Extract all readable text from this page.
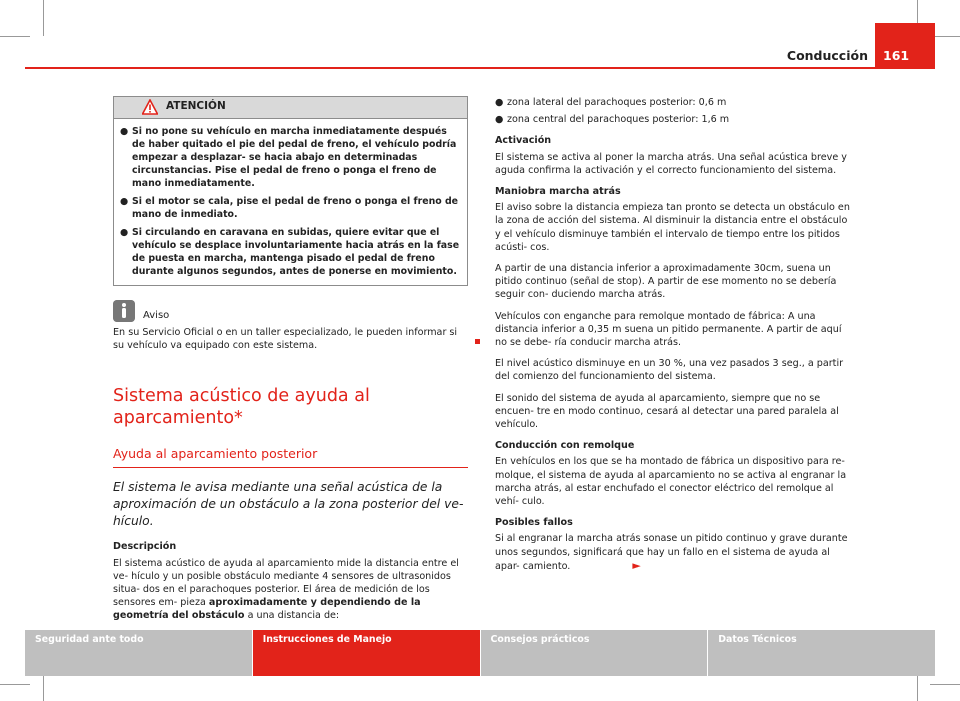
Conducción	161
ATENCIÓN
● Si no pone su vehículo en marcha inmediatamente después de haber quitado el pie del pedal de freno, el vehículo podría empezar a desplazar- se hacia abajo en determinadas circunstancias. Pise el pedal de freno o ponga el freno de mano inmediatamente.
● Si el motor se cala, pise el pedal de freno o ponga el freno de mano de inmediato.
● Si circulando en caravana en subidas, quiere evitar que el vehículo se desplace involuntariamente hacia atrás en la fase de puesta en marcha, mantenga pisado el pedal de freno durante algunos segundos, antes de ponerse en movimiento.
Aviso

En su Servicio Oficial o en un taller especializado, le pueden informar si su vehículo va equipado con este sistema.

Sistema acústico de ayuda al aparcamiento*
Ayuda al aparcamiento posterior
El sistema le avisa mediante una señal acústica de la aproximación de un obstáculo a la zona posterior del ve- hículo.
Descripción

El sistema acústico de ayuda al aparcamiento mide la distancia entre el ve- hículo y un posible obstáculo mediante 4 sensores de ultrasonidos situa- dos en el parachoques posterior. El área de medición de los sensores em- pieza aproximadamente y dependiendo de la geometría del obstáculo a una distancia de:

● zona lateral del parachoques posterior: 0,6 m
● zona central del parachoques posterior: 1,6 m
Activación

El sistema se activa al poner la marcha atrás. Una señal acústica breve y aguda confirma la activación y el correcto funcionamiento del sistema.

Maniobra marcha atrás

El aviso sobre la distancia empieza tan pronto se detecta un obstáculo en la zona de acción del sistema. Al disminuir la distancia entre el obstáculo y el vehículo disminuye también el intervalo de tiempo entre los pitidos acústi- cos.

A partir de una distancia inferior a aproximadamente 30cm, suena un pitido continuo (señal de stop). A partir de ese momento no se debería seguir con- duciendo marcha atrás.

Vehículos con enganche para remolque montado de fábrica: A una distancia inferior a 0,35 m suena un pitido permanente. A partir de aquí no se debe- ría conducir marcha atrás.

El nivel acústico disminuye en un 30 %, una vez pasados 3 seg., a partir del comienzo del funcionamiento del sistema.

El sonido del sistema de ayuda al aparcamiento, siempre que no se encuen- tre en modo continuo, cesará al detectar una pared paralela al vehículo.

Conducción con remolque

En vehículos en los que se ha montado de fábrica un dispositivo para re- molque, el sistema de ayuda al aparcamiento no se activa al engranar la marcha atrás, al estar enchufado el conector eléctrico del remolque al vehí- culo.

Posibles fallos

Si al engranar la marcha atrás sonase un pitido continuo y grave durante unos segundos, significará que hay un fallo en el sistema de ayuda al apar- camiento.	►

Seguridad ante todo	Instrucciones de Manejo	Consejos prácticos	Datos Técnicos
